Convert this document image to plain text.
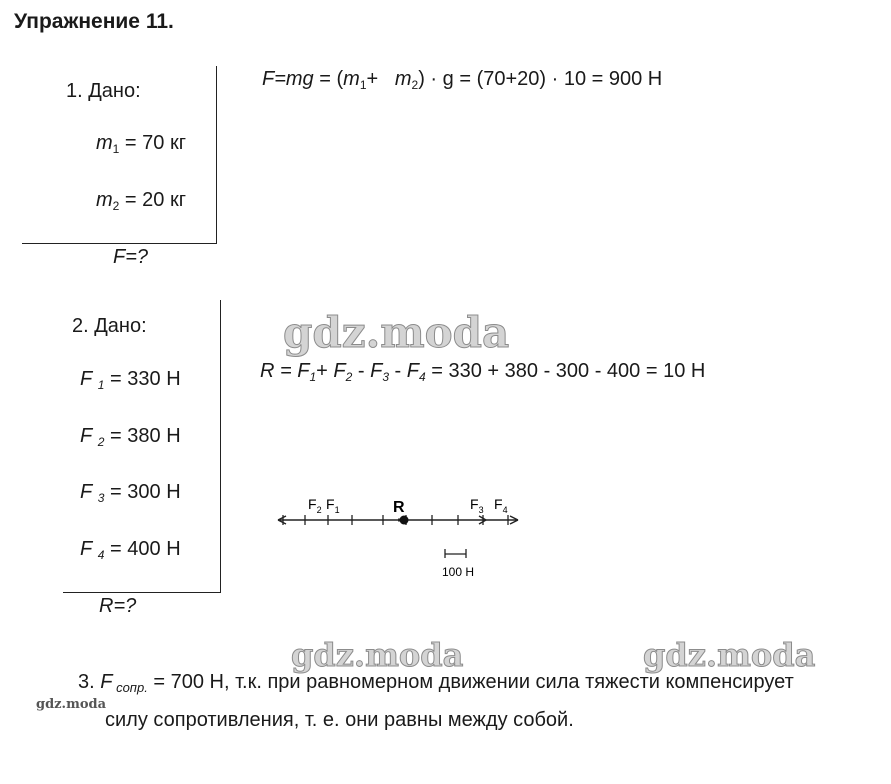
Упражнение 11.
1. Дано:
$m_1 = 70$ кг
$m_2 = 20$ кг
F=?
$F=mg = (m_1+ m_2) \cdot g = (70+20) \cdot 10 = 900$ Н
2. Дано:
F $_1$ = 330 Н
F $_2$ = 380 Н
F $_3$ = 300 Н
F $_4$ = 400 Н
R=?
$R = F_1+ F_2 - F_3 - F_4 = 330 + 380 - 300 - 400 = 10$ Н
$F_2$ $F_1$	R	$F_3$ $F_4$
100 Н
3. F $_{сопр.}$ = 700 Н, т.к. при равномерном движении сила тяжести компенсирует
силу сопротивления, т. е. они равны между собой.
gdz.moda
gdz.moda	gdz.moda
gdz.moda
